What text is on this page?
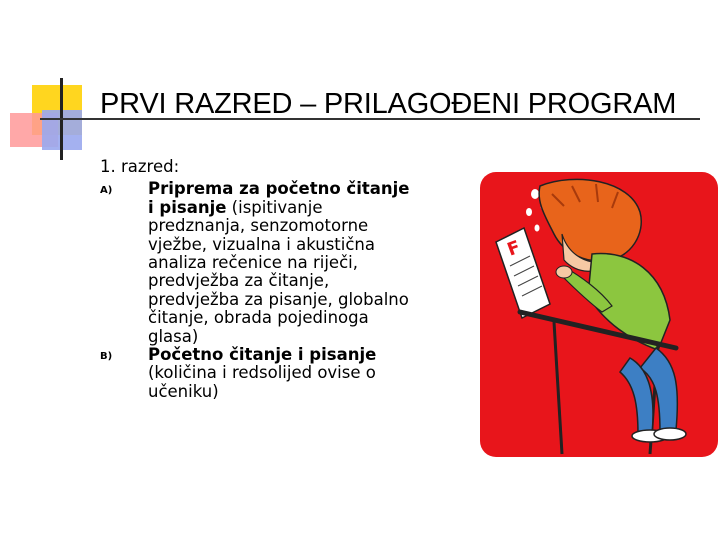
PRVI RAZRED – PRILAGOĐENI PROGRAM

1. razred:

A) Priprema za početno čitanje i pisanje (ispitivanje predznanja, senzomotorne vježbe, vizualna i akustična analiza rečenice na riječi, predvježba za čitanje, predvježba za pisanje, globalno čitanje, obrada pojedinoga glasa)
B) Početno čitanje i pisanje (količina i redsolijed ovise o učeniku)
F
